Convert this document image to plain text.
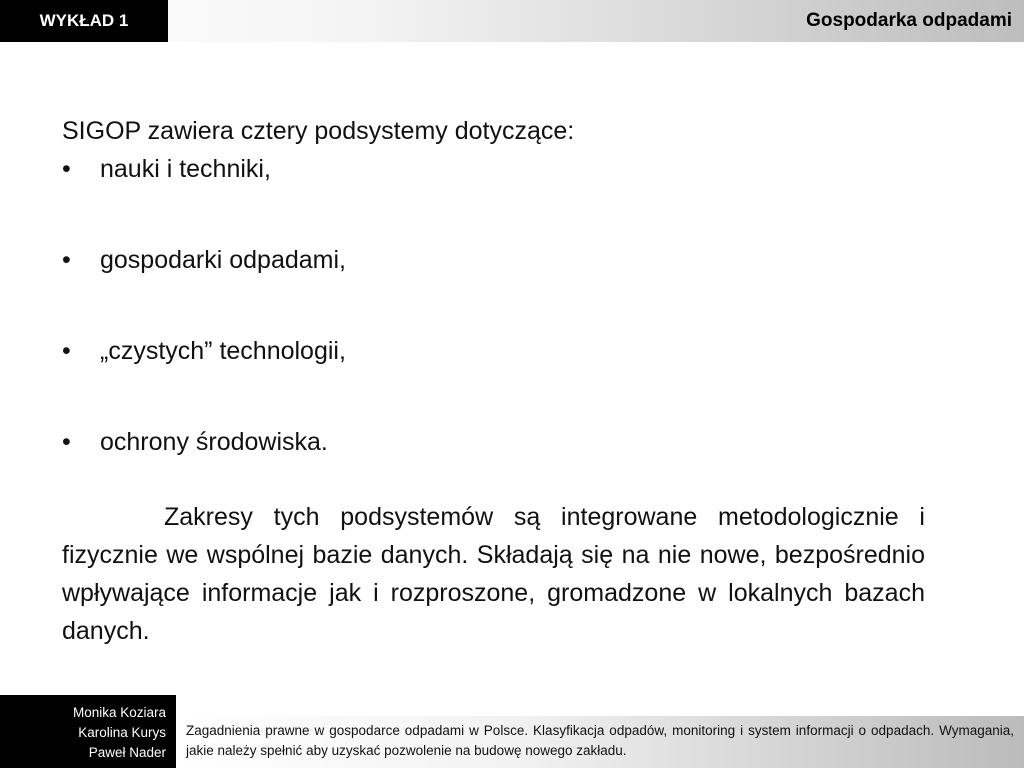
WYKŁAD 1	Gospodarka odpadami

SIGOP zawiera cztery podsystemy dotyczące:

• nauki i techniki,
• gospodarki odpadami,
• „czystych” technologii,
• ochrony środowiska.

Zakresy tych podsystemów są integrowane metodologicznie i fizycznie we wspólnej bazie danych. Składają się na nie nowe, bezpośrednio wpływające informacje jak i rozproszone, gromadzone w lokalnych bazach danych.

Monika Koziara
Karolina Kurys
Paweł Nader
Zagadnienia prawne w gospodarce odpadami w Polsce. Klasyfikacja odpadów, monitoring i system informacji o odpadach. Wymagania, jakie należy spełnić aby uzyskać pozwolenie na budowę nowego zakładu.
